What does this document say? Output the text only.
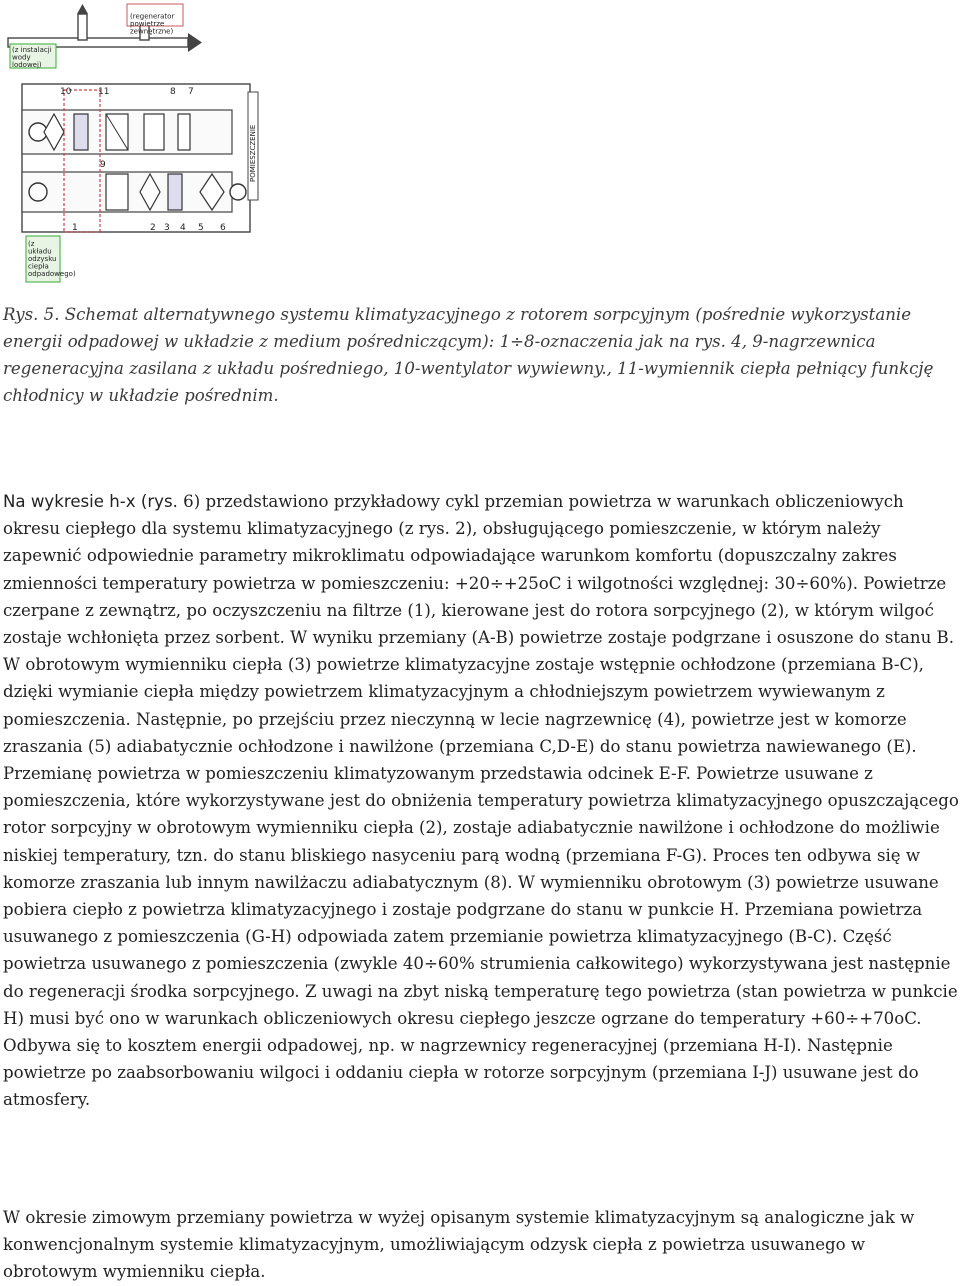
(regenerator powietrze zewnętrzne)
(z instalacji wody lodowej)
POMIESZCZENIE
10	11	8 7
9
1	2 3 4 5 6
(z układu odzysku ciepła odpadowego)

Rys. 5. Schemat alternatywnego systemu klimatyzacyjnego z rotorem sorpcyjnym (pośrednie wykorzystanie energii odpadowej w układzie z medium pośredniczącym): 1÷8-oznaczenia jak na rys. 4, 9-nagrzewnica regeneracyjna zasilana z układu pośredniego, 10-wentylator wywiewny., 11-wymiennik ciepła pełniący funkcję chłodnicy w układzie pośrednim.

Na wykresie h-x (rys. 6) przedstawiono przykładowy cykl przemian powietrza w warunkach obliczeniowych okresu ciepłego dla systemu klimatyzacyjnego (z rys. 2), obsługującego pomieszczenie, w którym należy zapewnić odpowiednie parametry mikroklimatu odpowiadające warunkom komfortu (dopuszczalny zakres zmienności temperatury powietrza w pomieszczeniu: +20÷+25oC i wilgotności względnej: 30÷60%). Powietrze czerpane z zewnątrz, po oczyszczeniu na filtrze (1), kierowane jest do rotora sorpcyjnego (2), w którym wilgoć zostaje wchłonięta przez sorbent. W wyniku przemiany (A-B) powietrze zostaje podgrzane i osuszone do stanu B. W obrotowym wymienniku ciepła (3) powietrze klimatyzacyjne zostaje wstępnie ochłodzone (przemiana B-C), dzięki wymianie ciepła między powietrzem klimatyzacyjnym a chłodniejszym powietrzem wywiewanym z pomieszczenia. Następnie, po przejściu przez nieczynną w lecie nagrzewnicę (4), powietrze jest w komorze zraszania (5) adiabatycznie ochłodzone i nawilżone (przemiana C,D-E) do stanu powietrza nawiewanego (E). Przemianę powietrza w pomieszczeniu klimatyzowanym przedstawia odcinek E-F. Powietrze usuwane z pomieszczenia, które wykorzystywane jest do obniżenia temperatury powietrza klimatyzacyjnego opuszczającego rotor sorpcyjny w obrotowym wymienniku ciepła (2), zostaje adiabatycznie nawilżone i ochłodzone do możliwie niskiej temperatury, tzn. do stanu bliskiego nasyceniu parą wodną (przemiana F-G). Proces ten odbywa się w komorze zraszania lub innym nawilżaczu adiabatycznym (8). W wymienniku obrotowym (3) powietrze usuwane pobiera ciepło z powietrza klimatyzacyjnego i zostaje podgrzane do stanu w punkcie H. Przemiana powietrza usuwanego z pomieszczenia (G-H) odpowiada zatem przemianie powietrza klimatyzacyjnego (B-C). Część powietrza usuwanego z pomieszczenia (zwykle 40÷60% strumienia całkowitego) wykorzystywana jest następnie do regeneracji środka sorpcyjnego. Z uwagi na zbyt niską temperaturę tego powietrza (stan powietrza w punkcie H) musi być ono w warunkach obliczeniowych okresu ciepłego jeszcze ogrzane do temperatury +60÷+70oC. Odbywa się to kosztem energii odpadowej, np. w nagrzewnicy regeneracyjnej (przemiana H-I). Następnie powietrze po zaabsorbowaniu wilgoci i oddaniu ciepła w rotorze sorpcyjnym (przemiana I-J) usuwane jest do atmosfery.

W okresie zimowym przemiany powietrza w wyżej opisanym systemie klimatyzacyjnym są analogiczne jak w konwencjonalnym systemie klimatyzacyjnym, umożliwiającym odzysk ciepła z powietrza usuwanego w obrotowym wymienniku ciepła.
